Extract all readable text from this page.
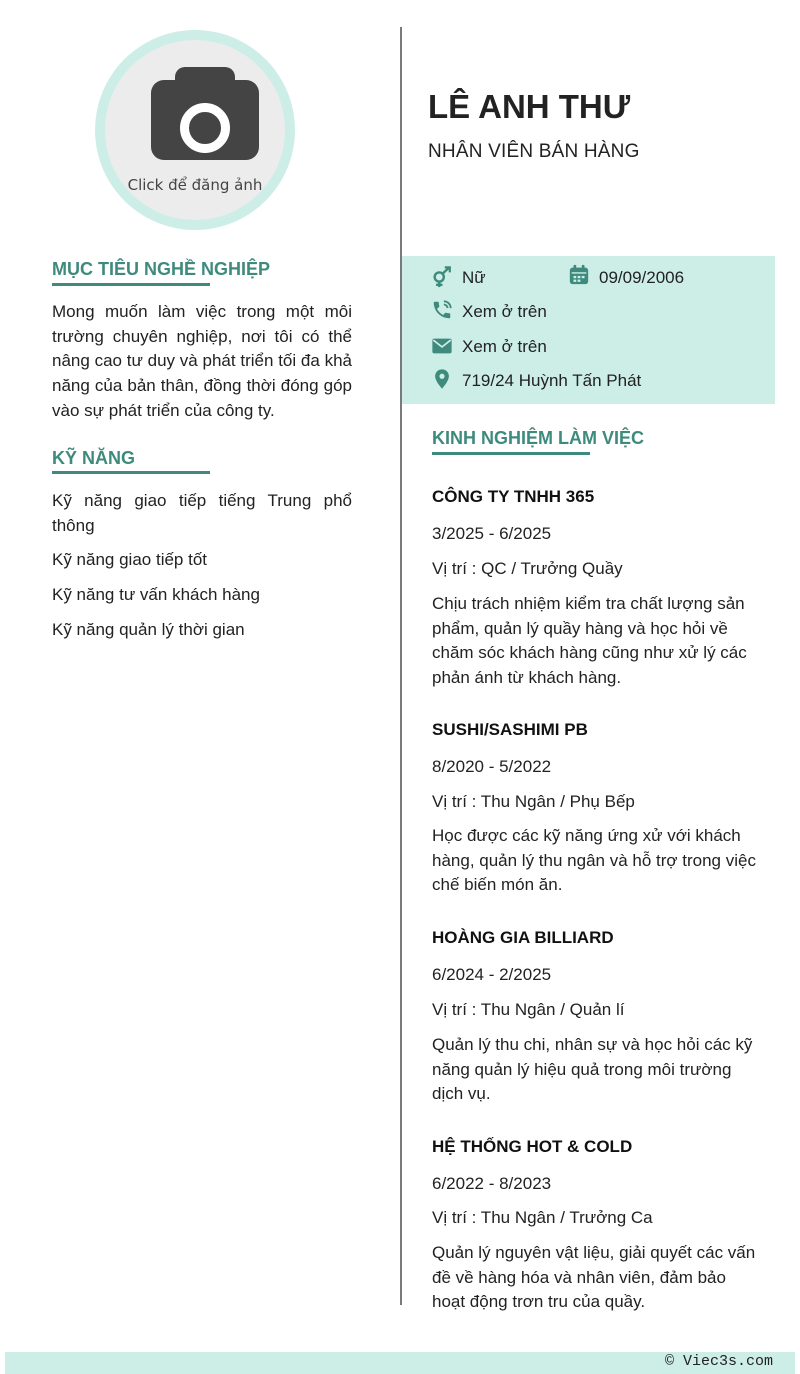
Click để đăng ảnh
MỤC TIÊU NGHỀ NGHIỆP
Mong muốn làm việc trong một môi trường chuyên nghiệp, nơi tôi có thể nâng cao tư duy và phát triển tối đa khả năng của bản thân, đồng thời đóng góp vào sự phát triển của công ty.
KỸ NĂNG
Kỹ năng giao tiếp tiếng Trung phổ thông
Kỹ năng giao tiếp tốt
Kỹ năng tư vấn khách hàng
Kỹ năng quản lý thời gian
LÊ ANH THƯ
NHÂN VIÊN BÁN HÀNG
Nữ	09/09/2006
Xem ở trên
Xem ở trên
719/24 Huỳnh Tấn Phát
KINH NGHIỆM LÀM VIỆC
CÔNG TY TNHH 365
3/2025 - 6/2025
Vị trí : QC / Trưởng Quầy
Chịu trách nhiệm kiểm tra chất lượng sản phẩm, quản lý quầy hàng và học hỏi về chăm sóc khách hàng cũng như xử lý các phản ánh từ khách hàng.
SUSHI/SASHIMI PB
8/2020 - 5/2022
Vị trí : Thu Ngân / Phụ Bếp
Học được các kỹ năng ứng xử với khách hàng, quản lý thu ngân và hỗ trợ trong việc chế biến món ăn.
HOÀNG GIA BILLIARD
6/2024 - 2/2025
Vị trí : Thu Ngân / Quản lí
Quản lý thu chi, nhân sự và học hỏi các kỹ năng quản lý hiệu quả trong môi trường dịch vụ.
HỆ THỐNG HOT & COLD
6/2022 - 8/2023
Vị trí : Thu Ngân / Trưởng Ca
Quản lý nguyên vật liệu, giải quyết các vấn đề về hàng hóa và nhân viên, đảm bảo hoạt động trơn tru của quầy.
© Viec3s.com
